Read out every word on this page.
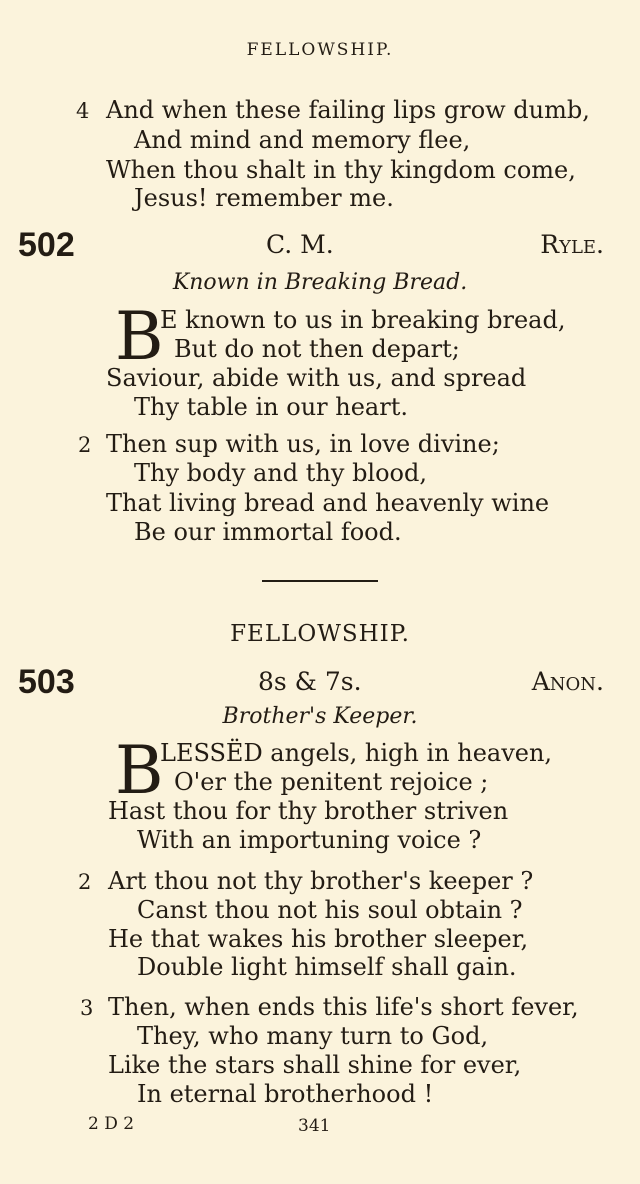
FELLOWSHIP.
4 And when these failing lips grow dumb,
And mind and memory flee,
When thou shalt in thy kingdom come,
Jesus! remember me.
502	C. M.	Ryle.
Known in Breaking Bread.
B
E known to us in breaking bread,
But do not then depart;
Saviour, abide with us, and spread
Thy table in our heart.
2 Then sup with us, in love divine;
Thy body and thy blood,
That living bread and heavenly wine
Be our immortal food.
FELLOWSHIP.
503	8s & 7s.	Anon.
Brother's Keeper.
B
LESSËD angels, high in heaven,
O'er the penitent rejoice ;
Hast thou for thy brother striven
With an importuning voice ?
2 Art thou not thy brother's keeper ?
Canst thou not his soul obtain ?
He that wakes his brother sleeper,
Double light himself shall gain.
3 Then, when ends this life's short fever,
They, who many turn to God,
Like the stars shall shine for ever,
In eternal brotherhood !
2 D 2	341
